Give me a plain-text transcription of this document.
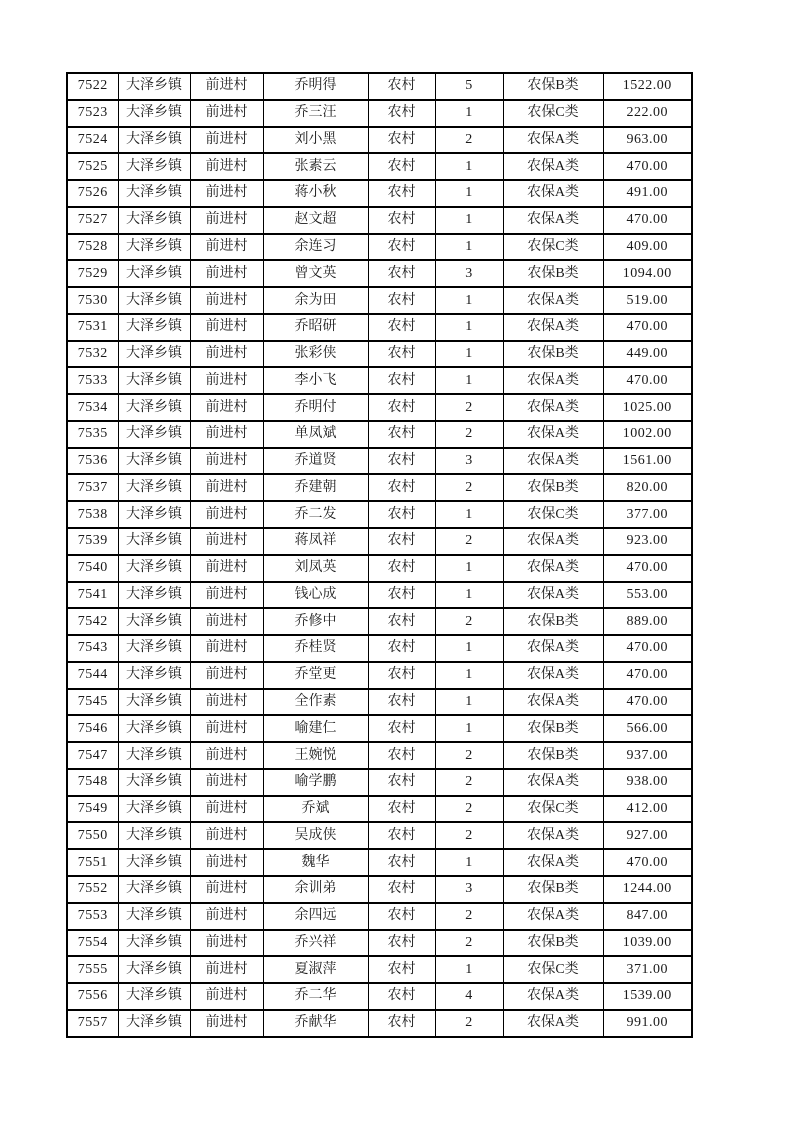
7522	大泽乡镇	前进村	乔明得	农村	5	农保B类	1522.00
7523	大泽乡镇	前进村	乔三汪	农村	1	农保C类	222.00
7524	大泽乡镇	前进村	刘小黑	农村	2	农保A类	963.00
7525	大泽乡镇	前进村	张素云	农村	1	农保A类	470.00
7526	大泽乡镇	前进村	蒋小秋	农村	1	农保A类	491.00
7527	大泽乡镇	前进村	赵文超	农村	1	农保A类	470.00
7528	大泽乡镇	前进村	余连习	农村	1	农保C类	409.00
7529	大泽乡镇	前进村	曾文英	农村	3	农保B类	1094.00
7530	大泽乡镇	前进村	余为田	农村	1	农保A类	519.00
7531	大泽乡镇	前进村	乔昭研	农村	1	农保A类	470.00
7532	大泽乡镇	前进村	张彩侠	农村	1	农保B类	449.00
7533	大泽乡镇	前进村	李小飞	农村	1	农保A类	470.00
7534	大泽乡镇	前进村	乔明付	农村	2	农保A类	1025.00
7535	大泽乡镇	前进村	单凤斌	农村	2	农保A类	1002.00
7536	大泽乡镇	前进村	乔道贤	农村	3	农保A类	1561.00
7537	大泽乡镇	前进村	乔建朝	农村	2	农保B类	820.00
7538	大泽乡镇	前进村	乔二发	农村	1	农保C类	377.00
7539	大泽乡镇	前进村	蒋凤祥	农村	2	农保A类	923.00
7540	大泽乡镇	前进村	刘凤英	农村	1	农保A类	470.00
7541	大泽乡镇	前进村	钱心成	农村	1	农保A类	553.00
7542	大泽乡镇	前进村	乔修中	农村	2	农保B类	889.00
7543	大泽乡镇	前进村	乔桂贤	农村	1	农保A类	470.00
7544	大泽乡镇	前进村	乔堂更	农村	1	农保A类	470.00
7545	大泽乡镇	前进村	全作素	农村	1	农保A类	470.00
7546	大泽乡镇	前进村	喻建仁	农村	1	农保B类	566.00
7547	大泽乡镇	前进村	王婉悦	农村	2	农保B类	937.00
7548	大泽乡镇	前进村	喻学鹏	农村	2	农保A类	938.00
7549	大泽乡镇	前进村	乔斌	农村	2	农保C类	412.00
7550	大泽乡镇	前进村	吴成侠	农村	2	农保A类	927.00
7551	大泽乡镇	前进村	魏华	农村	1	农保A类	470.00
7552	大泽乡镇	前进村	余训弟	农村	3	农保B类	1244.00
7553	大泽乡镇	前进村	余四远	农村	2	农保A类	847.00
7554	大泽乡镇	前进村	乔兴祥	农村	2	农保B类	1039.00
7555	大泽乡镇	前进村	夏淑萍	农村	1	农保C类	371.00
7556	大泽乡镇	前进村	乔二华	农村	4	农保A类	1539.00
7557	大泽乡镇	前进村	乔献华	农村	2	农保A类	991.00
